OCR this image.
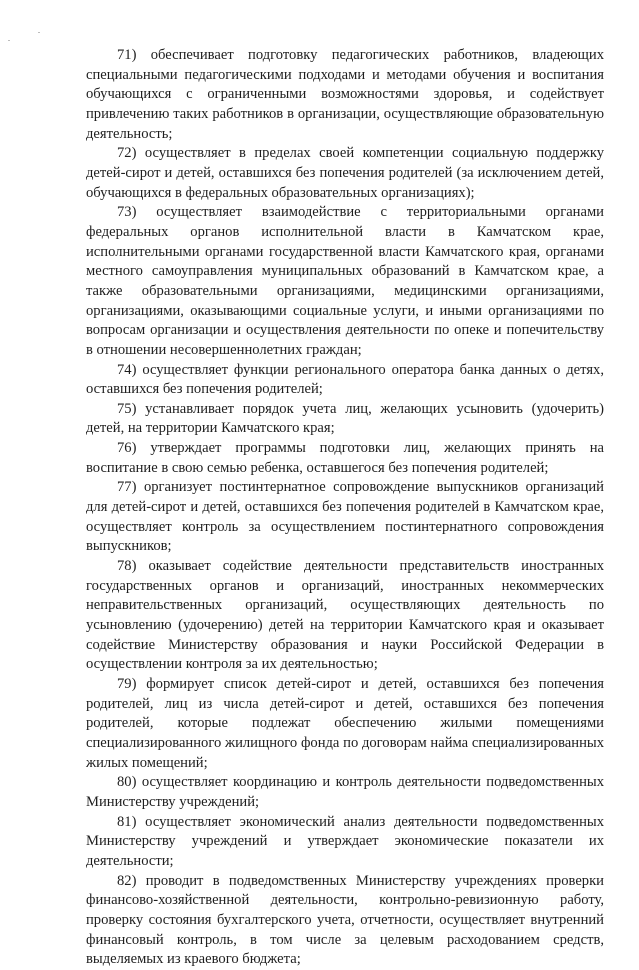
71) обеспечивает подготовку педагогических работников, владеющих специальными педагогическими подходами и методами обучения и воспитания обучающихся с ограниченными возможностями здоровья, и содействует привлечению таких работников в организации, осуществляющие образовательную деятельность;

72) осуществляет в пределах своей компетенции социальную поддержку детей-сирот и детей, оставшихся без попечения родителей (за исключением детей, обучающихся в федеральных образовательных организациях);

73) осуществляет взаимодействие с территориальными органами федеральных органов исполнительной власти в Камчатском крае, исполнительными органами государственной власти Камчатского края, органами местного самоуправления муниципальных образований в Камчатском крае, а также образовательными организациями, медицинскими организациями, организациями, оказывающими социальные услуги, и иными организациями по вопросам организации и осуществления деятельности по опеке и попечительству в отношении несовершеннолетних граждан;

74) осуществляет функции регионального оператора банка данных о детях, оставшихся без попечения родителей;

75) устанавливает порядок учета лиц, желающих усыновить (удочерить) детей, на территории Камчатского края;

76) утверждает программы подготовки лиц, желающих принять на воспитание в свою семью ребенка, оставшегося без попечения родителей;

77) организует постинтернатное сопровождение выпускников организаций для детей-сирот и детей, оставшихся без попечения родителей в Камчатском крае, осуществляет контроль за осуществлением постинтернатного сопровождения выпускников;

78) оказывает содействие деятельности представительств иностранных государственных органов и организаций, иностранных некоммерческих неправительственных организаций, осуществляющих деятельность по усыновлению (удочерению) детей на территории Камчатского края и оказывает содействие Министерству образования и науки Российской Федерации в осуществлении контроля за их деятельностью;

79) формирует список детей-сирот и детей, оставшихся без попечения родителей, лиц из числа детей-сирот и детей, оставшихся без попечения родителей, которые подлежат обеспечению жилыми помещениями специализированного жилищного фонда по договорам найма специализированных жилых помещений;

80) осуществляет координацию и контроль деятельности подведомственных Министерству учреждений;

81) осуществляет экономический анализ деятельности подведомственных Министерству учреждений и утверждает экономические показатели их деятельности;

82) проводит в подведомственных Министерству учреждениях проверки финансово-хозяйственной деятельности, контрольно-ревизионную работу, проверку состояния бухгалтерского учета, отчетности, осуществляет внутренний финансовый контроль, в том числе за целевым расходованием средств, выделяемых из краевого бюджета;
